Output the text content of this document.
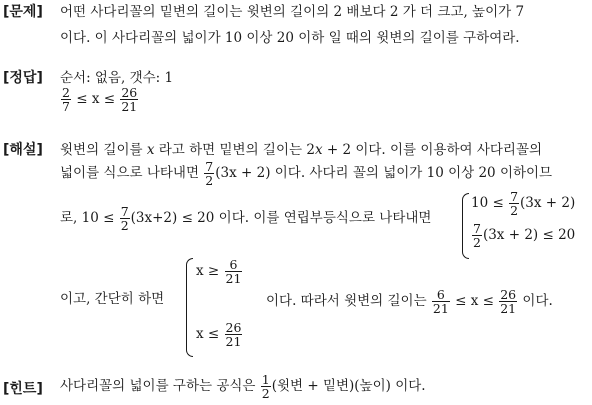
[문제] 어떤 사다리꼴의 밑변의 길이는 윗변의 길이의 2 배보다 2 가 더 크고, 높이가 7
이다. 이 사다리꼴의 넓이가 10 이상 20 이하 일 때의 윗변의 길이를 구하여라.
[정답] 순서: 없음, 갯수: 1
$\frac{2}{7} \le x \le \frac{26}{21}$
[해설] 윗변의 길이를 x 라고 하면 밑변의 길이는 2x + 2 이다. 이를 이용하여 사다리꼴의
넓이를 식으로 나타내면 $\frac{7}{2} (3x + 2)$ 이다. 사다리 꼴의 넓이가 10 이상 20 이하이므
로, $10 \le \frac{7}{2} (3x+2) \le 20$ 이다. 이를 연립부등식으로 나타내면
$10 \le \frac{7}{2} (3x + 2)$
$\frac{7}{2} (3x + 2) \le 20$
이고, 간단히 하면
$x \ge \frac{6}{21}$
$x \le \frac{26}{21}$
이다. 따라서 윗변의 길이는 $\frac{6}{21} \le x \le \frac{26}{21}$ 이다.
[힌트] 사다리꼴의 넓이를 구하는 공식은 $\frac{1}{2}$ (윗변 + 밑변)(높이) 이다.
